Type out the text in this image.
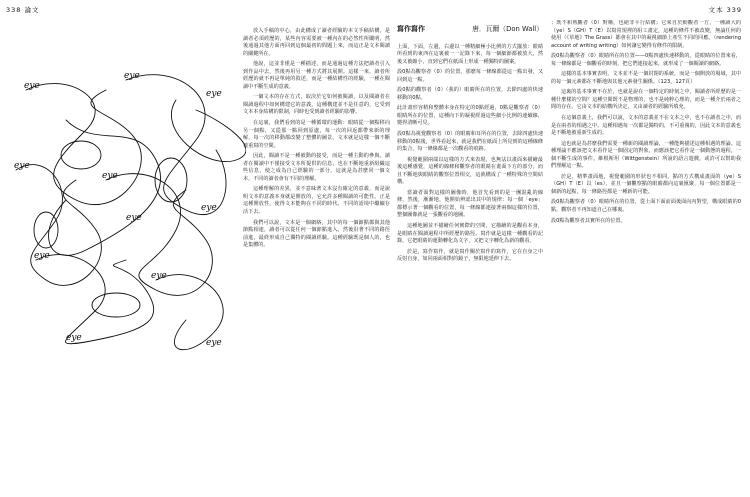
338 論文	文本 339
eye
eye
eye
eye
eye
eye
eye
eye
eye	eye
eye

放入手稿的中心，由此構成了讀者經驗的本文手稿結構，是讀者必須經歷的，某些內容需要被一種內在的必然性所闡明，然後通過其他方面再回到這個最初的問題上來，而這正是文本閱讀的關鍵所在。

他說，這並非僅是一種描述，而是通過這種方法把讀者引入到作品中去，然後再用另一種方式將其展開。這樣一來，讀者所經歷的就不再是單純的敘述，而是一種結構性的經驗，一種在閱讀中不斷生成的意義。

一個文本的存在方式，取決於它如何被閱讀，以及閱讀者在閱讀過程中如何構建它的意義。這種構建並不是任意的，它受到文本本身結構的限制，同時也受到讀者經驗的影響。

在這裏，我們看到的是一種循環的運動：眼睛從一個點移向另一個點，又從那一點回到原處，每一次的回返都帶來新的理解，每一次的移動都改變了整體的圖景。文本就是這樣一個不斷被重寫的空間。

因此，閱讀不是一種被動的接受，而是一種主動的參與。讀者在閱讀中不僅接受文本所提供的信息，也在不斷地重新組織這些信息，使之成為自己經驗的一部分。這就是為甚麼同一個文本，不同的讀者會有不同的理解。

這種理解的差異，並不意味著文本沒有確定的意義，而是說明文本的意義本身就是開放的，它允許多種閱讀的可能性。正是這種開放性，使得文本能夠在不同的時代、不同的語境中繼續存活下去。

我們可以說，文本是一個網絡，其中的每一個節點都與其他節點相連，讀者可以從任何一個節點進入，然後沿著不同的路徑前進，最終形成自己獨特的閱讀經驗。這種經驗既是個人的，也是集體的。

寫作寫作	唐．瓦爾（Don Wall）

上面，下面，左邊，右邊以一種精細極小比例的方式擺放：眼睛所看到的東西在這裏被一一記錄下來，每一個細節都被放大，然後又被縮小，直到它們在紙面上形成一種獨特的圖案。

設0點為觀察者（0）的位置，那麼每一條線都從這一點出發，又回到這一點。

設0點的觀察者（0）（我的）眼睛所在的位置，去除四處的快速移動的0點。

此計畫形容精和整體本身在特定的0點經過，0點是觀察者（0）眼睛所在的位置，這種向下的凝視經過這些細小比例的連續線，變得清晰可見。

設0點為視覺觀察者（0）的眼睛和耳所在的位置，去除四處快速移動的0點後，世界看起來，就是我們在紙面上所見到的這種線條的集合，每一條線都是一次觀看的痕跡。

視覺範圍兩端以這樣的方式來表現，也無法以畫面來描繪最後這種感覺，這種的線條和觀察者的眼睛在畫面下方的部分，而且不斷地與眼睛的觀察位置相交，這就構成了一種特殊的空間結構。

當讀者面對這樣的圖像時，他首先看到的是一團混亂的線條，然後，漸漸地，他開始辨認出其中的規律：每一個「eye」都標示著一個觀看的位置，每一條線都連接著兩個這樣的位置，整個圖像就是一張觀看的地圖。

這種地圖並不描繪任何實際的空間，它描繪的是觀看本身，是眼睛在閱讀過程中所經歷的路徑。寫作就是這樣一種觀看的記錄，它把眼睛的運動轉化為文字，又把文字轉化為新的觀看。

於是，寫作寫作，就是寫作關於寫作的寫作，它在自身之中反射自身，如同兩面相對的鏡子，無限地延伸下去。

；既不和熟觀者（0）對稱，也絕非平行結構；它來自於動觀者一方，一種讀大的（ye）S（GH）T（E）以寫常規裡的組工畫定，這種的條件不被改變，無論任何的使用（《草地》The Grass）都會在其中的凝視細節上產生不同的回應。（rendering account of writing writing）如何讓它變得有條件的限制。

設0點為觀察者（0）眼睛所在的位置——0點四處快速移動的。從眼睛的位置來看，每一條線都是一個觀看的時刻，把它們連接起來，就形成了一個閱讀的網絡。

這樣的基本事實表明，文本並不是一個封閉的系統，而是一個開放的場域，其中的每一個元素都在不斷地與其他元素發生關係。（123，127頁）

這裏的基本事實不在於，也就是說在一個特定的時刻之中，閱讀者所經歷的是一種什麼樣的空間？這種空間既不是物理的，也不是純粹心理的，而是一種介於兩者之間的存在。它由文本的結構所決定，又由讀者的經驗所填充。

在這個意義上，我們可以說，文本的意義並不在文本之中，也不在讀者之中，而是在兩者的相遇之中。這種相遇每一次都是獨特的，不可重複的，因此文本的意義也是不斷地被重新生成的。

這也就是為甚麼我們需要一種新的閱讀理論，一種能夠描述這種相遇的理論。這種理論不應該把文本看作是一個固定的對象，而應該把它看作是一個動態的過程，一個不斷生成的事件。維根斯坦（Wittgenstein）所說的語言遊戲，或許可以幫助我們理解這一點。

於是，精準畫面地，視覺範圍的形狀也不相同。點的方式構成畫面的（ye）S（GH）T（E）以（es），並且一個觀察點的眼睛都向這裏匯聚，每一個位置都是一個新的起點，每一條路徑都是一種新的可能。

設0點為觀察者（0）眼睛所在的位置，從上面下面前面後面向內對望，構成眼睛的0點，觀察者不再知道自己在哪裏。

設0點為觀察者其實所在的位置。
